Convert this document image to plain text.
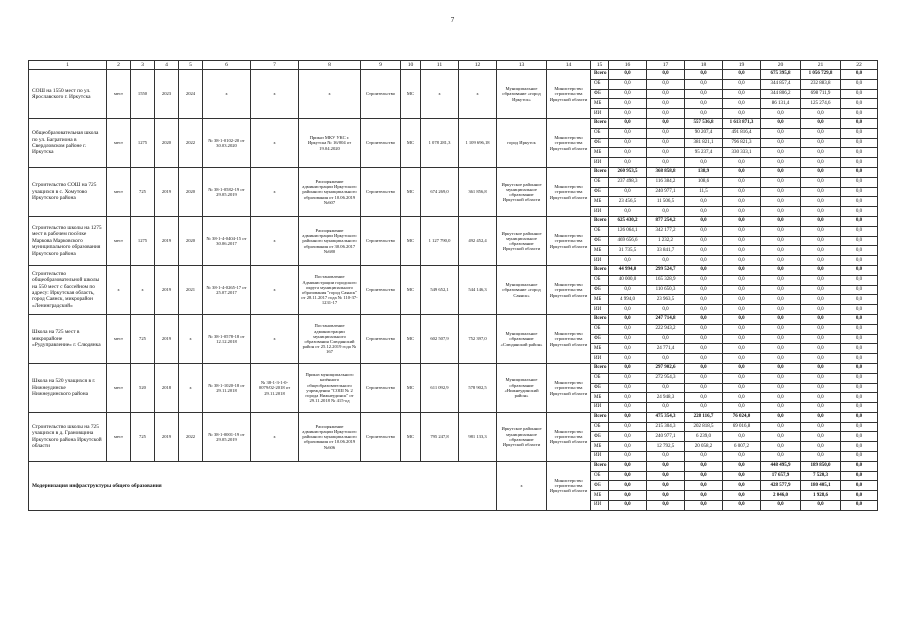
7
1	2	3	4	5	6	7	8	9	10	11	12	13	14	15	16	17	18	19	20	21	22
СОШ на 1550 мест по ул. Ярославского г. Иркутска	мест	1550	2023	2024	x	x	x	Строительство	МС	x	x	Муниципальное образование «город Иркутск»	Министерство строительства Иркутской области	Всего	0,0	0,0	0,0	0,0	675 395,8	1 056 729,8	0,0
														ОБ	0,0	0,0	0,0	0,0	344 857,4	232 883,8	0,0
														ФБ	0,0	0,0	0,0	0,0	344 806,2	698 711,9	0,0
														МБ	0,0	0,0	0,0	0,0	86 131,4	125 274,6	0,0
														ИИ	0,0	0,0	0,0	0,0	0,0	0,0	0,0
Общеобразовательная школа по ул. Багратиона в Свердловском районе г. Иркутска	мест	1275	2020	2022	№ 38-1-0102-20 от 30.03.2020	x	Приказ МКУ УКС г. Иркутска № 16/004 от 19.04.2020	Строительство	МС	1 078 281,3	1 109 696,18	город Иркутск	Министерство строительства Иркутской области	Всего	0,0	0,0	557 536,8	1 613 871,3	0,0	0,0	0,0
														ОБ	0,0	0,0	90 207,4	491 816,4	0,0	0,0	0,0
														ФБ	0,0	0,0	381 821,1	796 821,3	0,0	0,0	0,0
														МБ	0,0	0,0	95 237,4	330 333,1	0,0	0,0	0,0
														ИИ	0,0	0,0	0,0	0,0	0,0	0,0	0,0
Строительство СОШ на 725 учащихся в с. Хомутово Иркутского района	мест	725	2019	2020	№ 38-1-0582-19 от 29.05.2019	x	Распоряжение администрации Иркутского районного муниципального образования от 10.06.2019 №607	Строительство	МС	674 269,0	361 856,8	Иркутское районное муниципальное образование Иркутской области	Министерство строительства Иркутской области	Всего	260 953,5	368 858,8	138,9	0,0	0,0	0,0	0,0
														ОБ	237 498,3	116 384,2	108,6	0,0	0,0	0,0	0,0
														ФБ	0,0	240 977,1	11,5	0,0	0,0	0,0	0,0
														МБ	23 456,5	11 506,5	0,0	0,0	0,0	0,0	0,0
														ИИ	0,0	0,0	0,0	0,0	0,0	0,0	0,0
Строительство школы на 1275 мест в рабочем посёлке Маркова Марковского муниципального образования Иркутского района	мест	1275	2019	2020	№ 38-1-4-0404-15 от 30.06.2017	x	Распоряжение администрации Иркутского районного муниципального образования от 30.06.2017 №680	Строительство	МС	1 127 790,0	492 452,4	Иркутское районное муниципальное образование Иркутской области	Министерство строительства Иркутской области	Всего	625 430,2	877 254,2	0,0	0,0	0,0	0,0	0,0
														ОБ	126 064,1	342 177,2	0,0	0,0	0,0	0,0	0,0
														ФБ	469 656,6	1 232,2	0,0	0,0	0,0	0,0	0,0
														МБ	31 735,5	33 841,7	0,0	0,0	0,0	0,0	0,0
														ИИ	0,0	0,0	0,0	0,0	0,0	0,0	0,0
Строительство общеобразовательной школы на 550 мест с бассейном по адресу: Иркутская область, город Саянск, микрорайон «Ленинградский»	x	x	2019	2021	№ 38-1-4-0265-17 от 25.07.2017	x	Постановление Администрации городского округа муниципального образования "город Саянск" от 28.11.2017 года № 110-37-1231-17	Строительство	МС	549 652,1	544 146,3	Муниципальное образование «город Саянск»	Министерство строительства Иркутской области	Всего	44 994,0	299 524,7	0,0	0,0	0,0	0,0	0,0
														ОБ	40 000,0	165 328,9	0,0	0,0	0,0	0,0	0,0
														ФБ	0,0	110 650,3	0,0	0,0	0,0	0,0	0,0
														МБ	4 994,0	23 963,5	0,0	0,0	0,0	0,0	0,0
														ИИ	0,0	0,0	0,0	0,0	0,0	0,0	0,0
Школа на 725 мест в микрорайоне «Рудуправление» г. Слюдянка	мест	725	2019	x	№ 38-1-0578-18 от 12.12.2018	x	Постановление администрации муниципального образования Слюдянский район от 25.12.2019 года № 167	Строительство	МС	602 507,9	752 397,0	Муниципальное образование «Слюдянский район»	Министерство строительства Иркутской области	Всего	0,0	247 714,8	0,0	0,0	0,0	0,0	0,0
														ОБ	0,0	222 943,2	0,0	0,0	0,0	0,0	0,0
														ФБ	0,0	0,0	0,0	0,0	0,0	0,0	0,0
														МБ	0,0	24 771,4	0,0	0,0	0,0	0,0	0,0
														ИИ	0,0	0,0	0,0	0,0	0,0	0,0	0,0
Школа на 520 учащихся в г. Нижнеудинске Нижнеудинского района	мест	520	2018	x	№ 38-1-1020-18 от 29.11.2018	№ 38-1-3-1-0-0079/02-2018 от 29.11.2018	Приказ муниципального казённого общеобразовательного учреждения "СОШ № 2 города Нижнеудинск" от 29.11.2018 № 415-од	Строительство	МС	611 092,9	578 902,5	Муниципальное образование «Нижнеудинский район»	Министерство строительства Иркутской области	Всего	0,0	297 902,6	0,0	0,0	0,0	0,0	0,0
														ОБ	0,0	272 954,3	0,0	0,0	0,0	0,0	0,0
														ФБ	0,0	0,0	0,0	0,0	0,0	0,0	0,0
														МБ	0,0	24 948,3	0,0	0,0	0,0	0,0	0,0
														ИИ	0,0	0,0	0,0	0,0	0,0	0,0	0,0
Строительство школы на 725 учащихся в д. Грановщина Иркутского района Иркутской области	мест	725	2019	2022	№ 38-1-0001-19 от 29.05.2019	x	Распоряжение администрации Иркутского районного муниципального образования от 10.06.2019 №606	Строительство	МС	795 247,8	981 133,3	Иркутское районное муниципальное образование Иркутской области	Министерство строительства Иркутской области	Всего	0,0	475 354,3	228 116,7	76 024,0	0,0	0,0	0,0
														ОБ	0,0	215 304,3	202 818,5	69 016,8	0,0	0,0	0,0
														ФБ	0,0	240 977,1	6 239,0	0,0	0,0	0,0	0,0
														МБ	0,0	12 792,5	20 058,2	6 007,2	0,0	0,0	0,0
														ИИ	0,0	0,0	0,0	0,0	0,0	0,0	0,0
Модернизация инфраструктуры общего образования												x	Министерство строительства Иркутской области	Всего	0,0	0,0	0,0	0,0	448 495,9	189 850,0	0,0
														ОБ	0,0	0,0	0,0	0,0	17 657,9	7 520,3	0,0
														ФБ	0,0	0,0	0,0	0,0	428 577,9	180 405,1	0,0
														МБ	0,0	0,0	0,0	0,0	2 046,0	1 928,6	0,0
														ИИ	0,0	0,0	0,0	0,0	0,0	0,0	0,0
